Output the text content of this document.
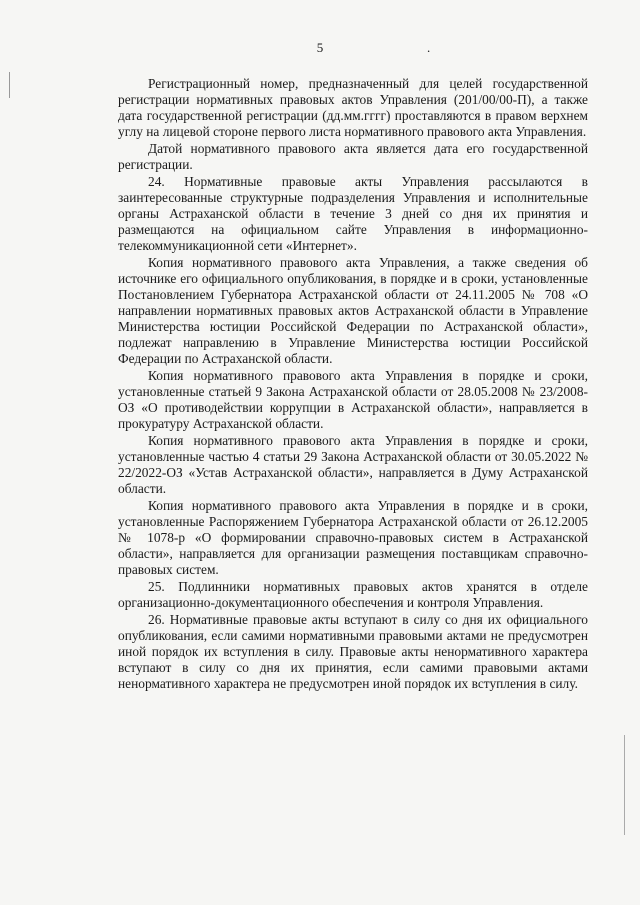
5	.

Регистрационный номер, предназначенный для целей государственной регистрации нормативных правовых актов Управления (201/00/00-П), а также дата государственной регистрации (дд.мм.гггг) проставляются в правом верхнем углу на лицевой стороне первого листа нормативного правового акта Управления.

Датой нормативного правового акта является дата его государственной регистрации.

24. Нормативные правовые акты Управления рассылаются в заинтересованные структурные подразделения Управления и исполнительные органы Астраханской области в течение 3 дней со дня их принятия и размещаются на официальном сайте Управления в информационно-телекоммуникационной сети «Интернет».

Копия нормативного правового акта Управления, а также сведения об источнике его официального опубликования, в порядке и в сроки, установленные Постановлением Губернатора Астраханской области от 24.11.2005 № 708 «О направлении нормативных правовых актов Астраханской области в Управление Министерства юстиции Российской Федерации по Астраханской области», подлежат направлению в Управление Министерства юстиции Российской Федерации по Астраханской области.

Копия нормативного правового акта Управления в порядке и сроки, установленные статьей 9 Закона Астраханской области от 28.05.2008 № 23/2008-ОЗ «О противодействии коррупции в Астраханской области», направляется в прокуратуру Астраханской области.

Копия нормативного правового акта Управления в порядке и сроки, установленные частью 4 статьи 29 Закона Астраханской области от 30.05.2022 № 22/2022-ОЗ «Устав Астраханской области», направляется в Думу Астраханской области.

Копия нормативного правового акта Управления в порядке и в сроки, установленные Распоряжением Губернатора Астраханской области от 26.12.2005 № 1078-р «О формировании справочно-правовых систем в Астраханской области», направляется для организации размещения поставщикам справочно-правовых систем.

25. Подлинники нормативных правовых актов хранятся в отделе организационно-документационного обеспечения и контроля Управления.

26. Нормативные правовые акты вступают в силу со дня их официального опубликования, если самими нормативными правовыми актами не предусмотрен иной порядок их вступления в силу. Правовые акты ненормативного характера вступают в силу со дня их принятия, если самими правовыми актами ненормативного характера не предусмотрен иной порядок их вступления в силу.
